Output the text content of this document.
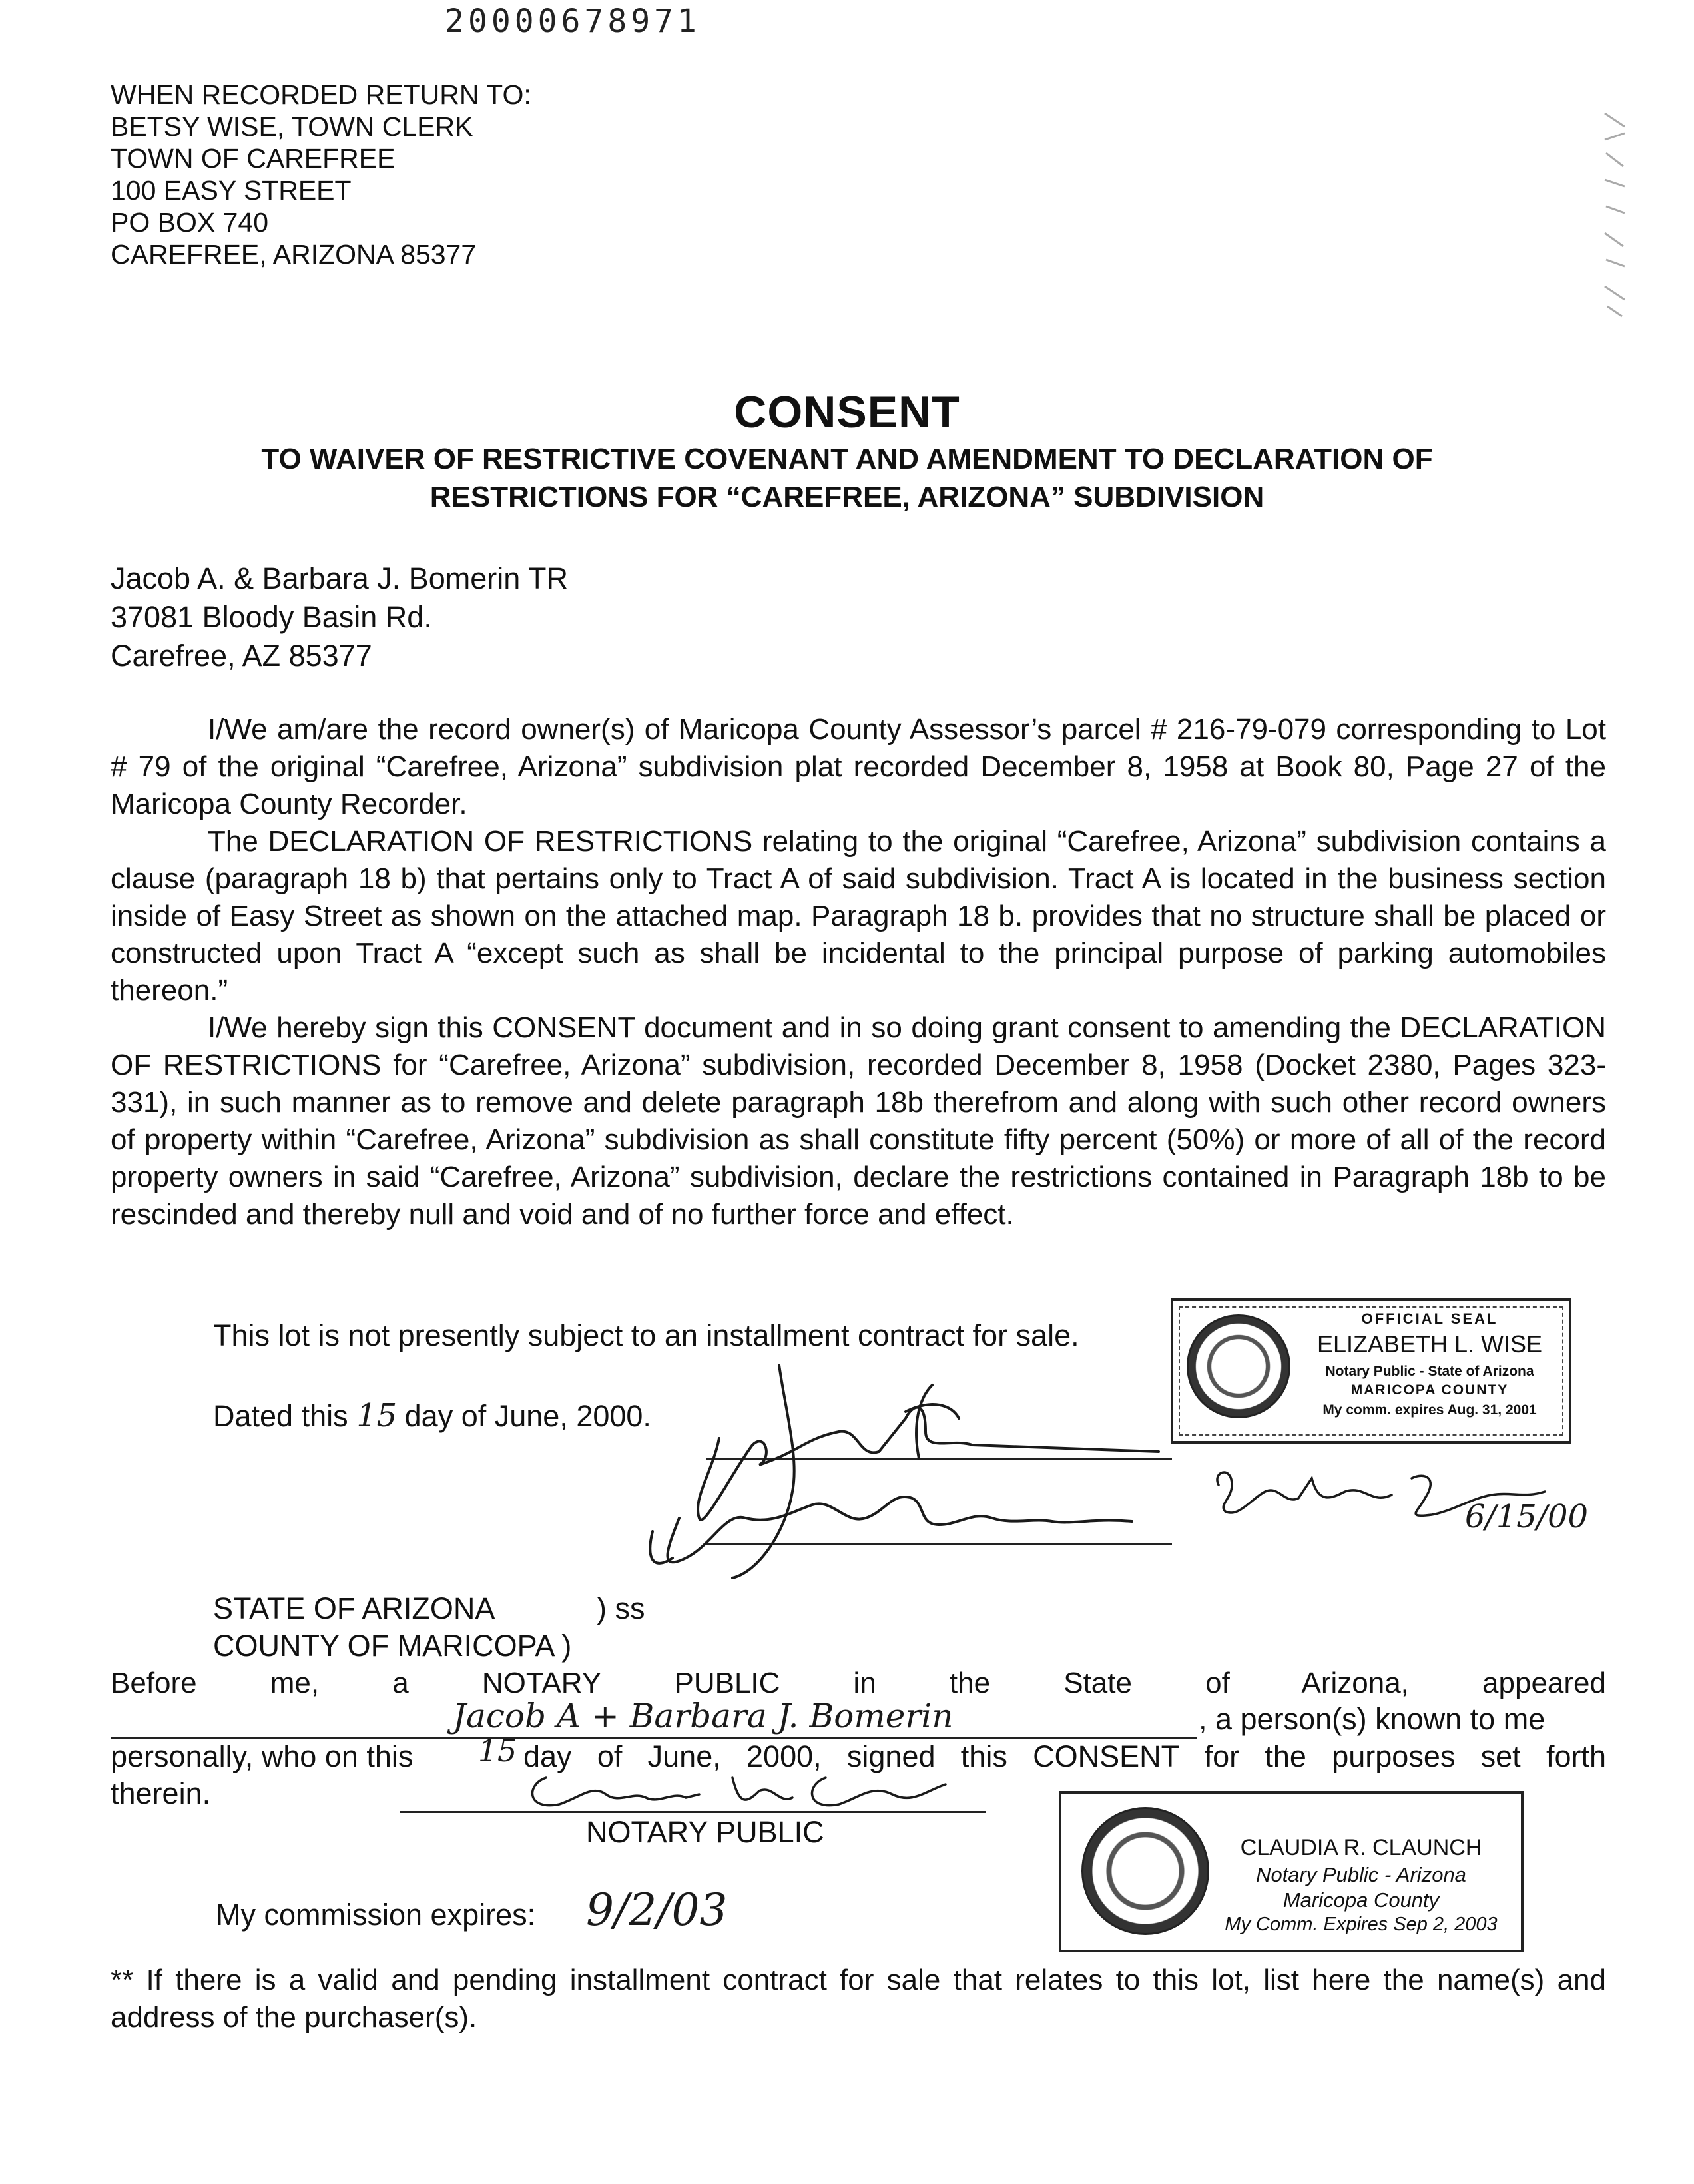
20000678971
WHEN RECORDED RETURN TO:
BETSY WISE, TOWN CLERK
TOWN OF CAREFREE
100 EASY STREET
PO BOX 740
CAREFREE, ARIZONA 85377
CONSENT
TO WAIVER OF RESTRICTIVE COVENANT AND AMENDMENT TO DECLARATION OF
RESTRICTIONS FOR “CAREFREE, ARIZONA” SUBDIVISION
Jacob A. & Barbara J. Bomerin TR
37081 Bloody Basin Rd.
Carefree, AZ 85377
I/We am/are the record owner(s) of Maricopa County Assessor’s parcel # 216-79-079 corresponding to Lot # 79 of the original “Carefree, Arizona” subdivision plat recorded December 8, 1958 at Book 80, Page 27 of the Maricopa County Recorder.
The DECLARATION OF RESTRICTIONS relating to the original “Carefree, Arizona” subdivision contains a clause (paragraph 18 b) that pertains only to Tract A of said subdivision. Tract A is located in the business section inside of Easy Street as shown on the attached map. Paragraph 18 b. provides that no structure shall be placed or constructed upon Tract A “except such as shall be incidental to the principal purpose of parking automobiles thereon.”
I/We hereby sign this CONSENT document and in so doing grant consent to amending the DECLARATION OF RESTRICTIONS for “Carefree, Arizona” subdivision, recorded December 8, 1958 (Docket 2380, Pages 323-331), in such manner as to remove and delete paragraph 18b therefrom and along with such other record owners of property within “Carefree, Arizona” subdivision as shall constitute fifty percent (50%) or more of all of the record property owners in said “Carefree, Arizona” subdivision, declare the restrictions contained in Paragraph 18b to be rescinded and thereby null and void and of no further force and effect.
This lot is not presently subject to an installment contract for sale.
Dated this 15 day of June, 2000.
OFFICIAL SEAL
ELIZABETH L. WISE
Notary Public - State of Arizona
MARICOPA COUNTY
My comm. expires Aug. 31, 2001
6/15/00
STATE OF ARIZONA	) ss
COUNTY OF MARICOPA )
Before me, a NOTARY PUBLIC in the State of Arizona, appeared
Jacob A + Barbara J. Bomerin	, a person(s) known to me
personally, who on this 15 day of June, 2000, signed this CONSENT for the purposes set forth
therein.
NOTARY PUBLIC
My commission expires: 9/2/03
CLAUDIA R. CLAUNCH
Notary Public - Arizona
Maricopa County
My Comm. Expires Sep 2, 2003
** If there is a valid and pending installment contract for sale that relates to this lot, list here the name(s) and address of the purchaser(s).
